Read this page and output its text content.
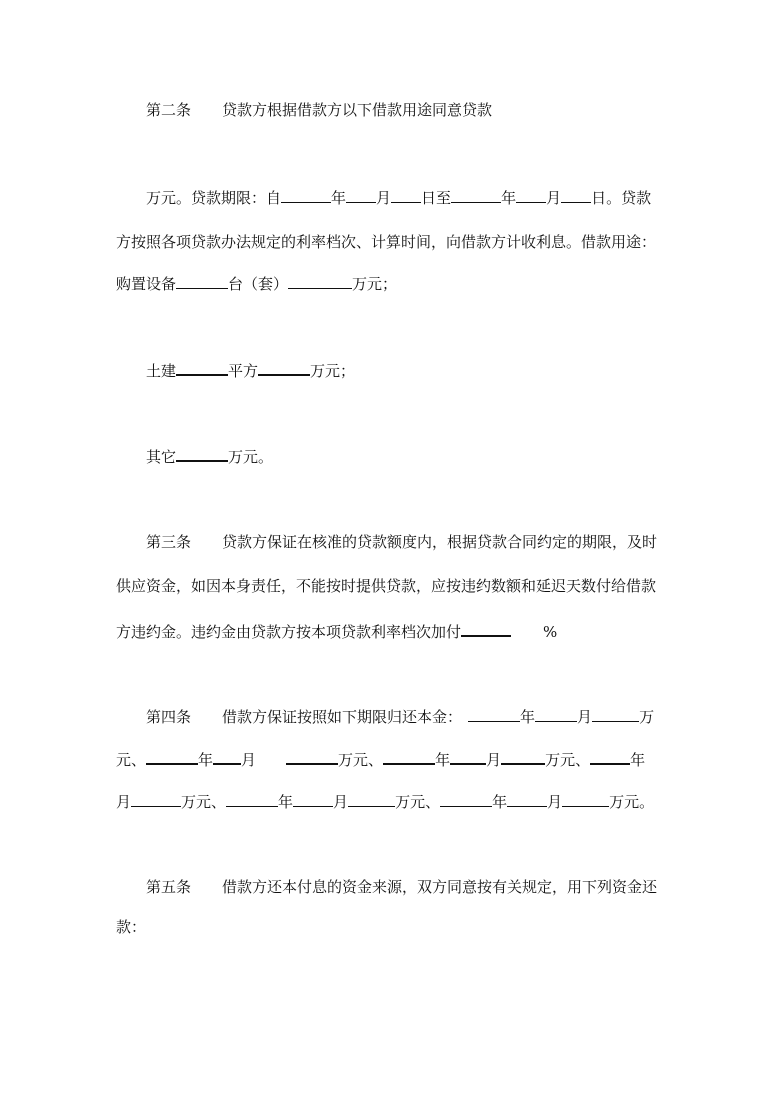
第二条 贷款方根据借款方以下借款用途同意贷款
万元。贷款期限：自	年 月 日至	年 月 日。贷款
方按照各项贷款办法规定的利率档次、计算时间，向借款方计收利息。借款用途：
购置设备	台（套）	万元；
土建	平方	万元；
其它	万元。
第三条 贷款方保证在核准的贷款额度内，根据贷款合同约定的期限，及时
供应资金，如因本身责任，不能按时提供贷款，应按违约数额和延迟天数付给借款
方违约金。违约金由贷款方按本项贷款利率档次加付	%
第四条 借款方保证按照如下期限归还本金：	年	月	万
元、	年 月	万元、	年 月	万元、	年
月	万元、	年	月	万元、	年	月	万元。
第五条 借款方还本付息的资金来源，双方同意按有关规定，用下列资金还
款：
